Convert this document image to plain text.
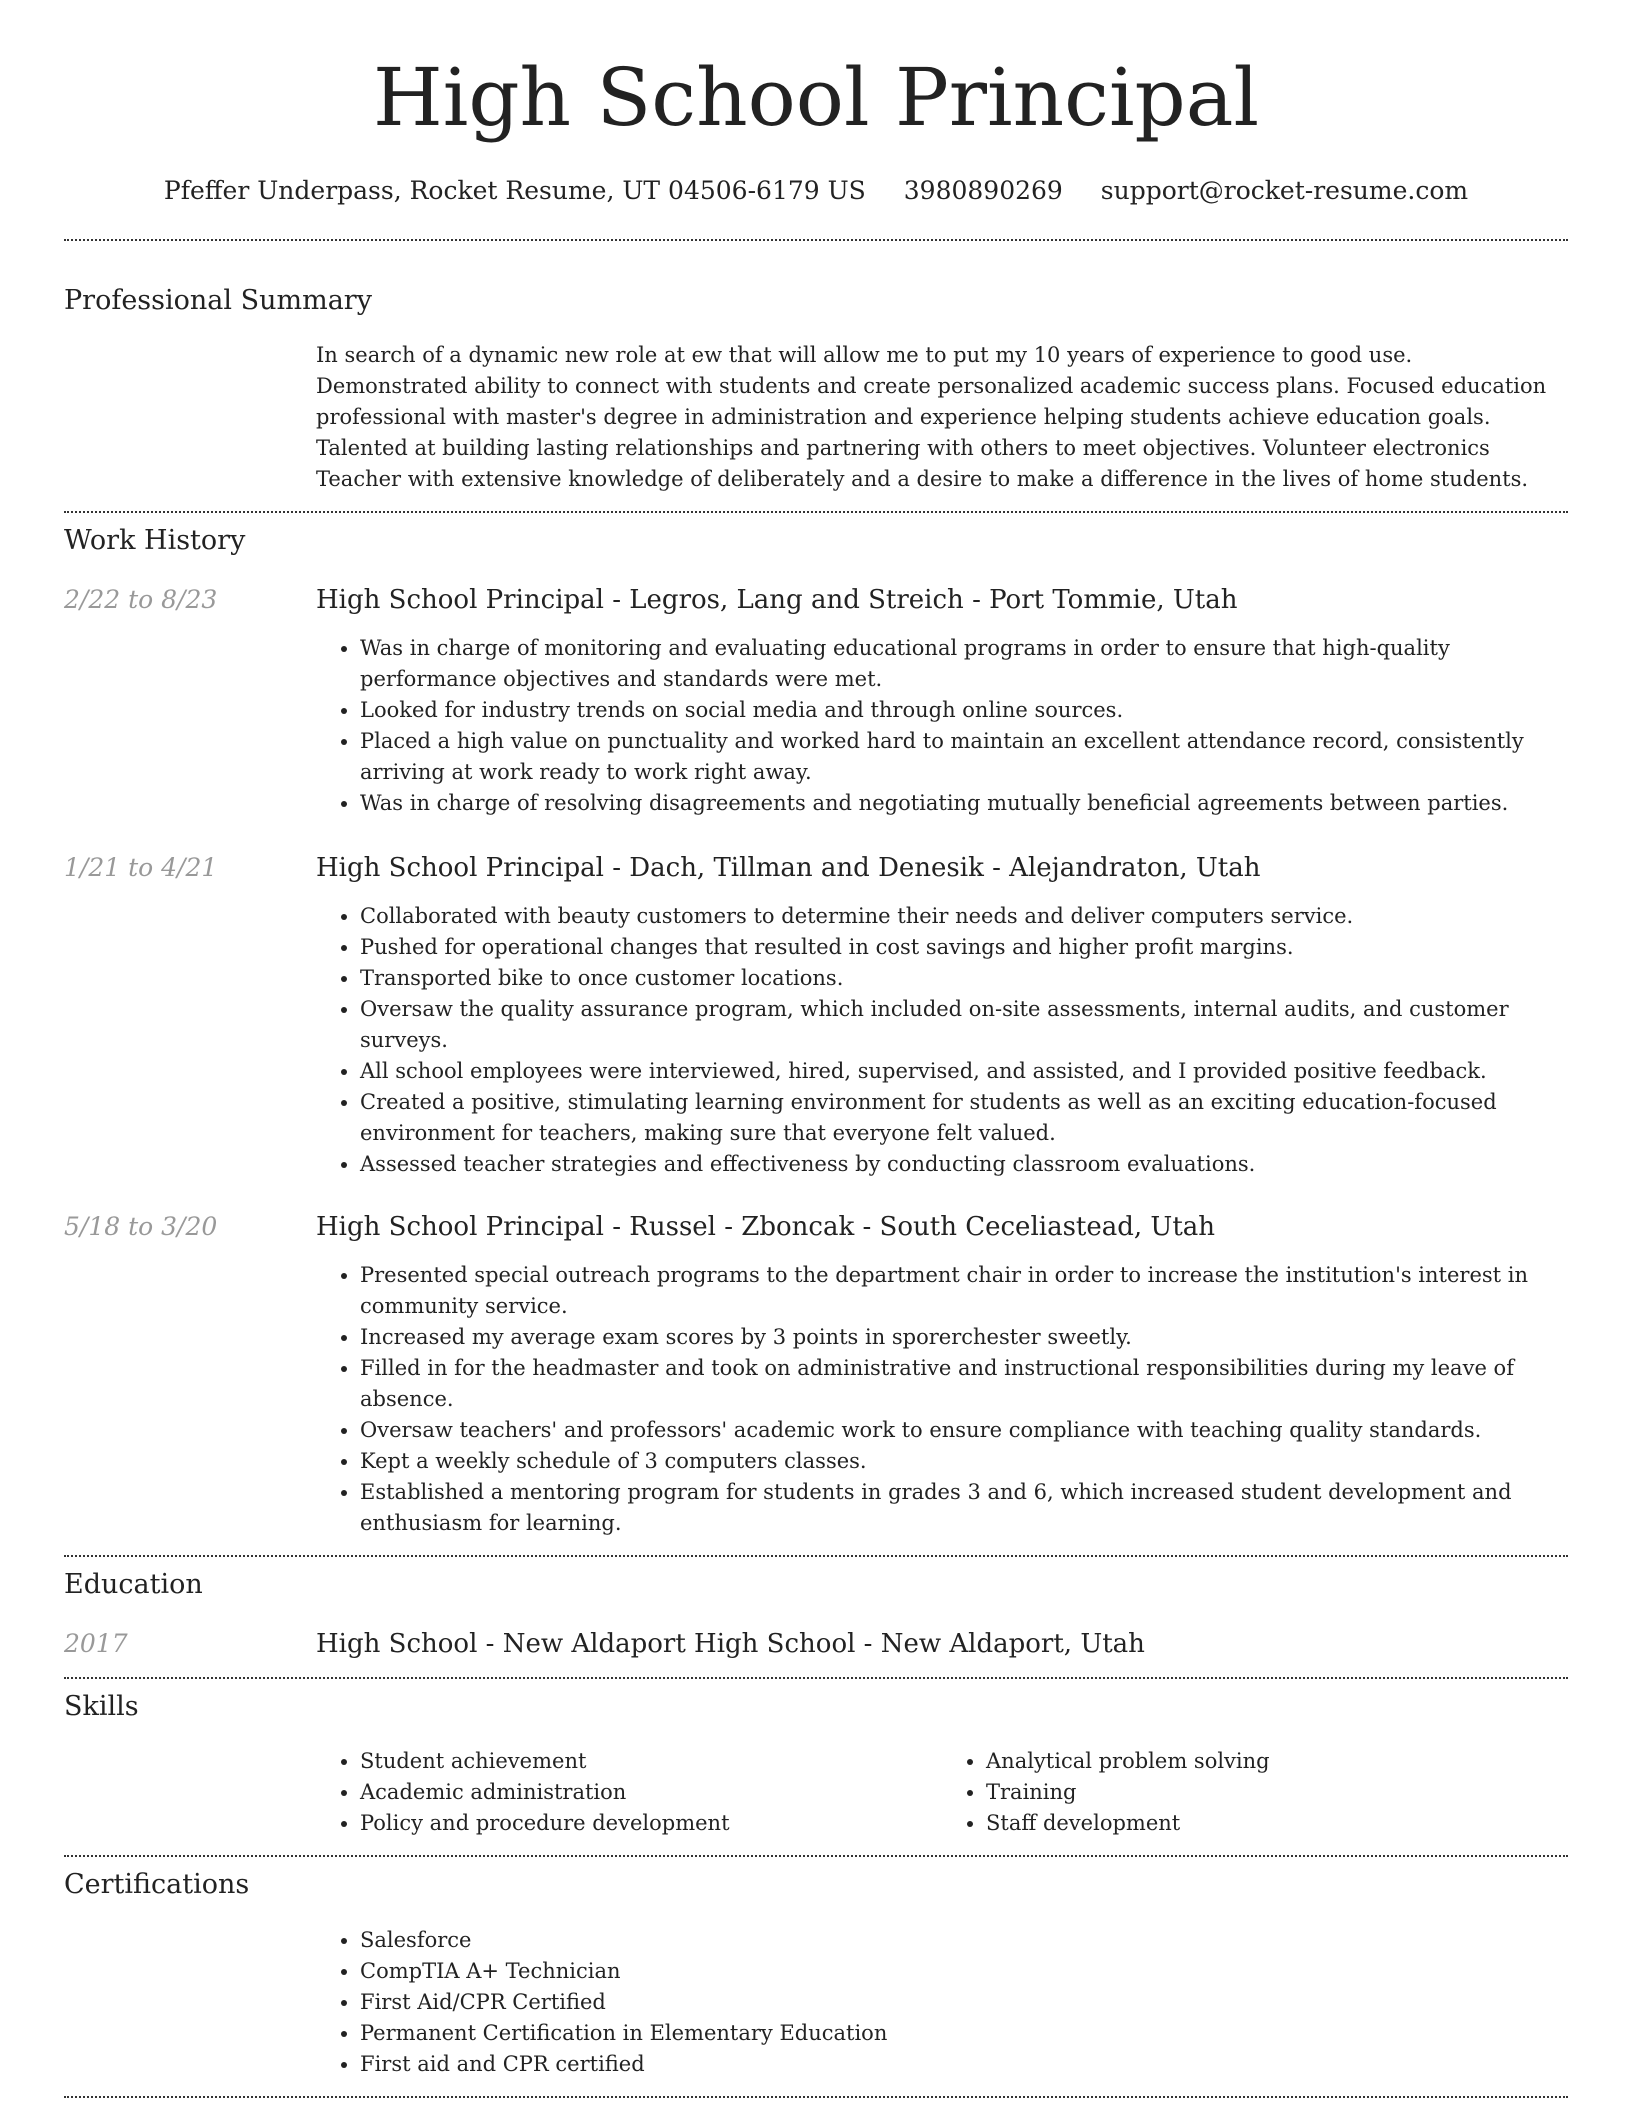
High School Principal
Pfeffer Underpass, Rocket Resume, UT 04506-6179 US 3980890269 support@rocket-resume.com
Professional Summary

In search of a dynamic new role at ew that will allow me to put my 10 years of experience to good use. Demonstrated ability to connect with students and create personalized academic success plans. Focused education professional with master's degree in administration and experience helping students achieve education goals. Talented at building lasting relationships and partnering with others to meet objectives. Volunteer electronics Teacher with extensive knowledge of deliberately and a desire to make a difference in the lives of home students.

Work History
2/22 to 8/23	High School Principal - Legros, Lang and Streich - Port Tommie, Utah
• Was in charge of monitoring and evaluating educational programs in order to ensure that high-quality performance objectives and standards were met.
• Looked for industry trends on social media and through online sources.
• Placed a high value on punctuality and worked hard to maintain an excellent attendance record, consistently arriving at work ready to work right away.
• Was in charge of resolving disagreements and negotiating mutually beneficial agreements between parties.
1/21 to 4/21	High School Principal - Dach, Tillman and Denesik - Alejandraton, Utah
• Collaborated with beauty customers to determine their needs and deliver computers service.
• Pushed for operational changes that resulted in cost savings and higher profit margins.
• Transported bike to once customer locations.
• Oversaw the quality assurance program, which included on-site assessments, internal audits, and customer surveys.
• All school employees were interviewed, hired, supervised, and assisted, and I provided positive feedback.
• Created a positive, stimulating learning environment for students as well as an exciting education-focused environment for teachers, making sure that everyone felt valued.
• Assessed teacher strategies and effectiveness by conducting classroom evaluations.
5/18 to 3/20	High School Principal - Russel - Zboncak - South Ceceliastead, Utah
• Presented special outreach programs to the department chair in order to increase the institution's interest in community service.
• Increased my average exam scores by 3 points in sporerchester sweetly.
• Filled in for the headmaster and took on administrative and instructional responsibilities during my leave of absence.
• Oversaw teachers' and professors' academic work to ensure compliance with teaching quality standards.
• Kept a weekly schedule of 3 computers classes.
• Established a mentoring program for students in grades 3 and 6, which increased student development and enthusiasm for learning.
Education
2017	High School - New Aldaport High School - New Aldaport, Utah
Skills
• Student achievement
• Academic administration
• Policy and procedure development
• Analytical problem solving
• Training
• Staff development
Certifications
• Salesforce
• CompTIA A+ Technician
• First Aid/CPR Certified
• Permanent Certification in Elementary Education
• First aid and CPR certified
